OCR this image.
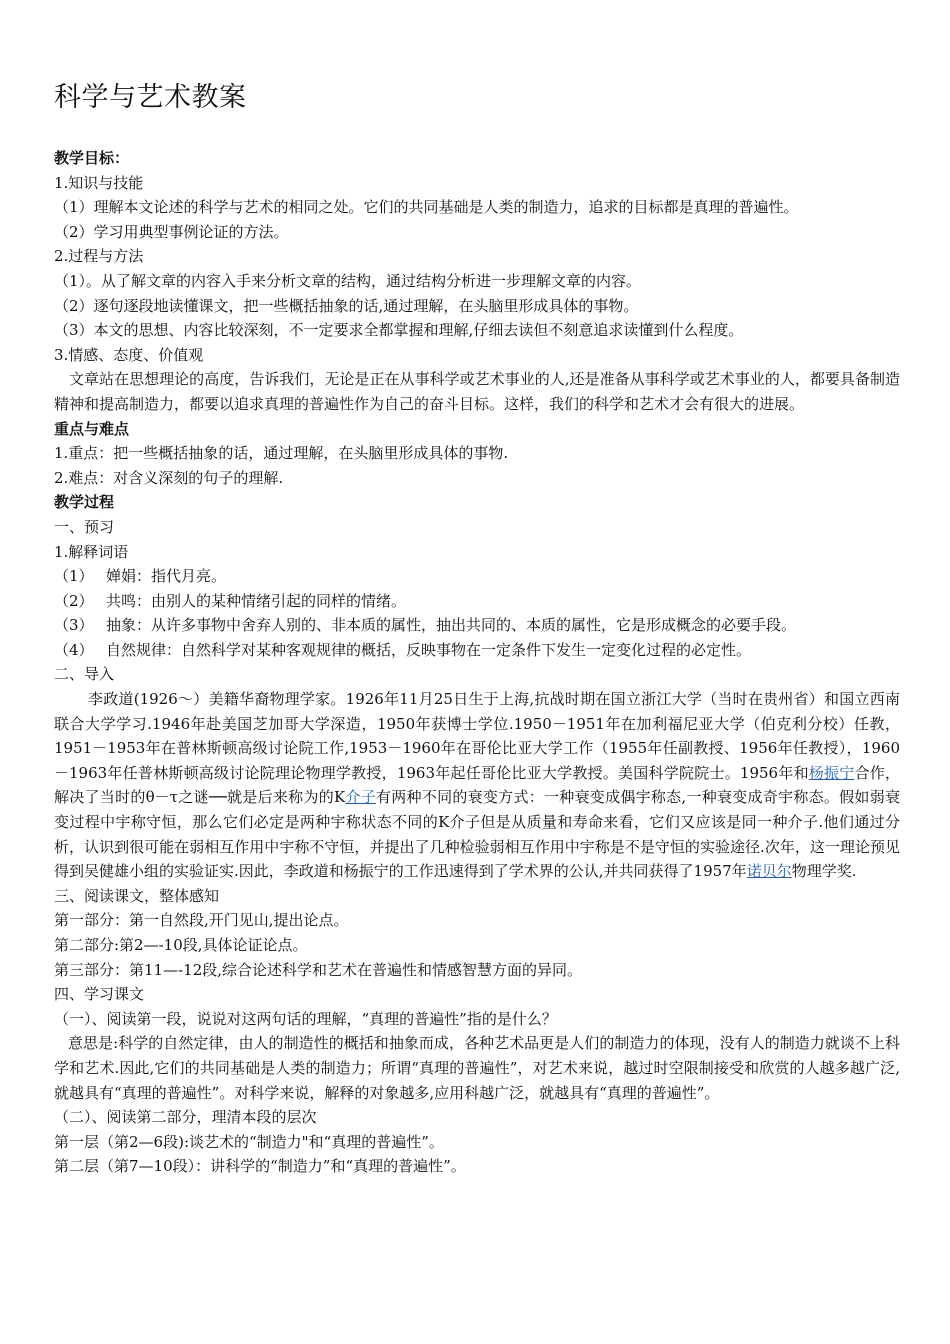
科学与艺术教案
教学目标：
1.知识与技能
（1）理解本文论述的科学与艺术的相同之处。它们的共同基础是人类的制造力，追求的目标都是真理的普遍性。
（2）学习用典型事例论证的方法。
2.过程与方法
（1）。从了解文章的内容入手来分析文章的结构，通过结构分析进一步理解文章的内容。
（2）逐句逐段地读懂课文，把一些概括抽象的话,通过理解，在头脑里形成具体的事物。
（3）本文的思想、内容比较深刻，不一定要求全都掌握和理解,仔细去读但不刻意追求读懂到什么程度。
3.情感、态度、价值观
文章站在思想理论的高度，告诉我们，无论是正在从事科学或艺术事业的人,还是准备从事科学或艺术事业的人，都要具备制造精神和提高制造力，都要以追求真理的普遍性作为自己的奋斗目标。这样，我们的科学和艺术才会有很大的进展。
重点与难点
1.重点：把一些概括抽象的话，通过理解，在头脑里形成具体的事物.
2.难点：对含义深刻的句子的理解.
教学过程
一、预习
1.解释词语
（1） 婵娟：指代月亮。
（2） 共鸣：由别人的某种情绪引起的同样的情绪。
（3） 抽象：从许多事物中舍弃人别的、非本质的属性，抽出共同的、本质的属性，它是形成概念的必要手段。
（4） 自然规律：自然科学对某种客观规律的概括，反映事物在一定条件下发生一定变化过程的必定性。
二、导入
李政道(1926～）美籍华裔物理学家。1926年11月25日生于上海,抗战时期在国立浙江大学（当时在贵州省）和国立西南联合大学学习.1946年赴美国芝加哥大学深造，1950年获博士学位.1950－1951年在加利福尼亚大学（伯克利分校）任教，1951－1953年在普林斯顿高级讨论院工作,1953－1960年在哥伦比亚大学工作（1955年任副教授、1956年任教授），1960－1963年任普林斯顿高级讨论院理论物理学教授，1963年起任哥伦比亚大学教授。美国科学院院士。1956年和杨振宁合作，解决了当时的θ－τ之谜──就是后来称为的K介子有两种不同的衰变方式：一种衰变成偶宇称态,一种衰变成奇宇称态。假如弱衰变过程中宇称守恒，那么它们必定是两种宇称状态不同的K介子但是从质量和寿命来看，它们又应该是同一种介子.他们通过分析，认识到很可能在弱相互作用中宇称不守恒，并提出了几种检验弱相互作用中宇称是不是守恒的实验途径.次年，这一理论预见得到吴健雄小组的实验证实.因此，李政道和杨振宁的工作迅速得到了学术界的公认,并共同获得了1957年诺贝尔物理学奖.
三、阅读课文，整体感知
第一部分：第一自然段,开门见山,提出论点。
第二部分:第2—-10段,具体论证论点。
第三部分：第11—-12段,综合论述科学和艺术在普遍性和情感智慧方面的异同。
四、学习课文
（一）、阅读第一段，说说对这两句话的理解，“真理的普遍性”指的是什么？
意思是:科学的自然定律，由人的制造性的概括和抽象而成，各种艺术品更是人们的制造力的体现，没有人的制造力就谈不上科学和艺术.因此,它们的共同基础是人类的制造力；所谓“真理的普遍性”，对艺术来说，越过时空限制接受和欣赏的人越多越广泛,就越具有“真理的普遍性”。对科学来说，解释的对象越多,应用科越广泛，就越具有“真理的普遍性”。
（二）、阅读第二部分，理清本段的层次
第一层（第2—6段):谈艺术的“制造力"和“真理的普遍性”。
第二层（第7—10段）：讲科学的“制造力”和“真理的普遍性”。
